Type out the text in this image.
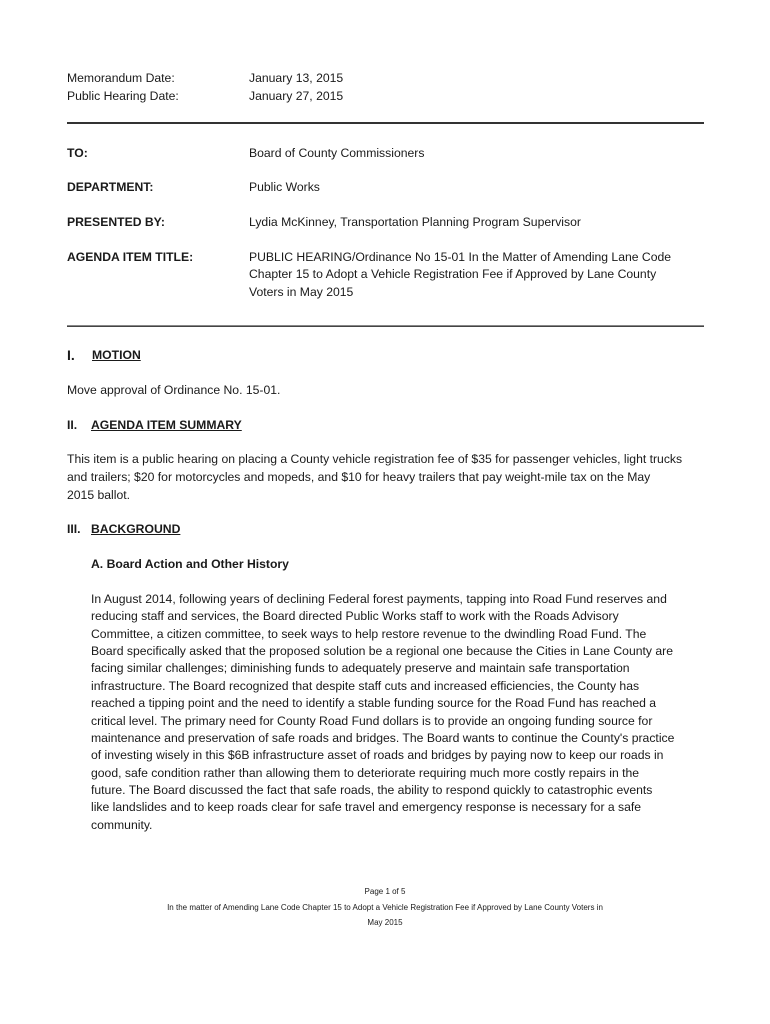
Memorandum Date:	January 13, 2015
Public Hearing Date:	January 27, 2015
TO:	Board of County Commissioners
DEPARTMENT:	Public Works
PRESENTED BY:	Lydia McKinney, Transportation Planning Program Supervisor
AGENDA ITEM TITLE:	PUBLIC HEARING/Ordinance No 15-01 In the Matter of Amending Lane Code
Chapter 15 to Adopt a Vehicle Registration Fee if Approved by Lane County
Voters in May 2015
I. MOTION
Move approval of Ordinance No. 15-01.
II. AGENDA ITEM SUMMARY
This item is a public hearing on placing a County vehicle registration fee of $35 for passenger vehicles, light trucks
and trailers; $20 for motorcycles and mopeds, and $10 for heavy trailers that pay weight-mile tax on the May
2015 ballot.
III. BACKGROUND
A. Board Action and Other History
In August 2014, following years of declining Federal forest payments, tapping into Road Fund reserves and
reducing staff and services, the Board directed Public Works staff to work with the Roads Advisory
Committee, a citizen committee, to seek ways to help restore revenue to the dwindling Road Fund. The
Board specifically asked that the proposed solution be a regional one because the Cities in Lane County are
facing similar challenges; diminishing funds to adequately preserve and maintain safe transportation
infrastructure. The Board recognized that despite staff cuts and increased efficiencies, the County has
reached a tipping point and the need to identify a stable funding source for the Road Fund has reached a
critical level. The primary need for County Road Fund dollars is to provide an ongoing funding source for
maintenance and preservation of safe roads and bridges. The Board wants to continue the County's practice
of investing wisely in this $6B infrastructure asset of roads and bridges by paying now to keep our roads in
good, safe condition rather than allowing them to deteriorate requiring much more costly repairs in the
future. The Board discussed the fact that safe roads, the ability to respond quickly to catastrophic events
like landslides and to keep roads clear for safe travel and emergency response is necessary for a safe
community.
Page 1 of 5
In the matter of Amending Lane Code Chapter 15 to Adopt a Vehicle Registration Fee if Approved by Lane County Voters in
May 2015
